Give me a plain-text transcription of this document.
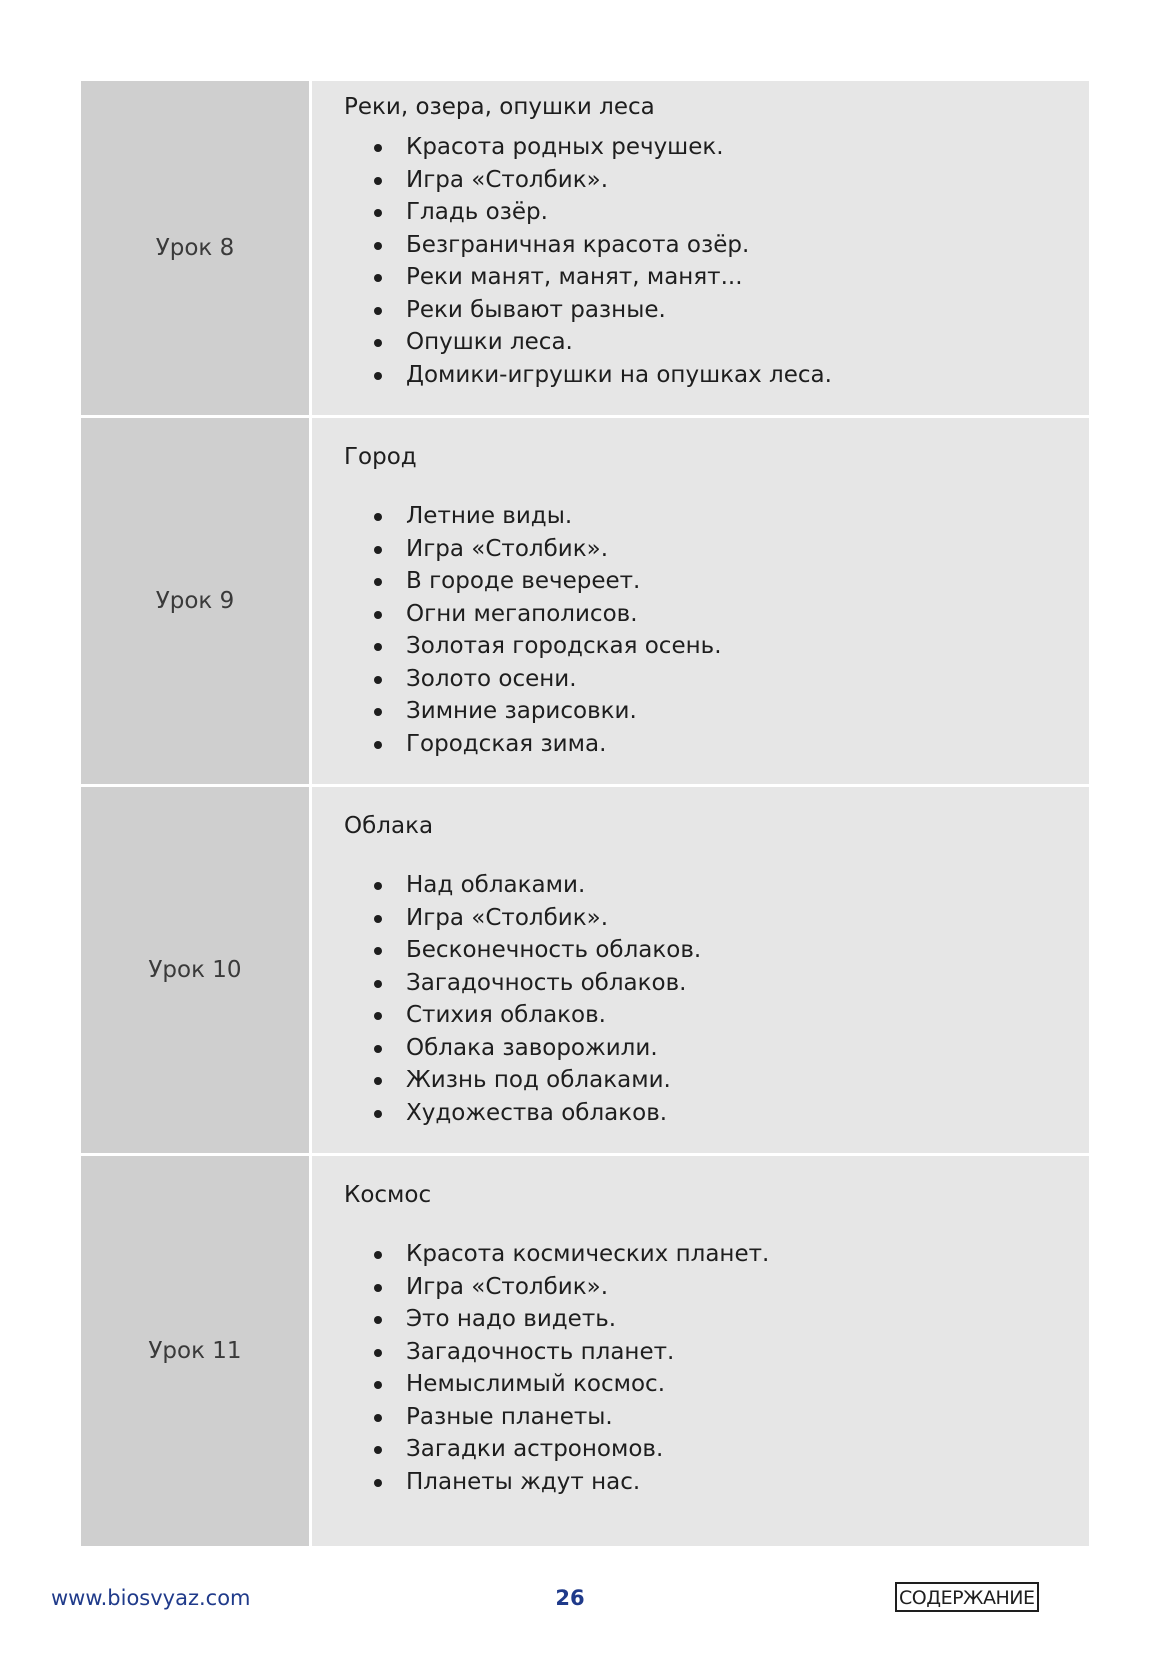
Урок 8

Реки, озера, опушки леса

Красота родных речушек.
Игра «Столбик».
Гладь озёр.
Безграничная красота озёр.
Реки манят, манят, манят...
Реки бывают разные.
Опушки леса.
Домики-игрушки на опушках леса.
Урок 9

Город

Летние виды.
Игра «Столбик».
В городе вечереет.
Огни мегаполисов.
Золотая городская осень.
Золото осени.
Зимние зарисовки.
Городская зима.
Урок 10

Облака

Над облаками.
Игра «Столбик».
Бесконечность облаков.
Загадочность облаков.
Стихия облаков.
Облака заворожили.
Жизнь под облаками.
Художества облаков.
Урок 11

Космос

Красота космических планет.
Игра «Столбик».
Это надо видеть.
Загадочность планет.
Немыслимый космос.
Разные планеты.
Загадки астрономов.
Планеты ждут нас.
www.biosvyaz.com	26	СОДЕРЖАНИЕ
